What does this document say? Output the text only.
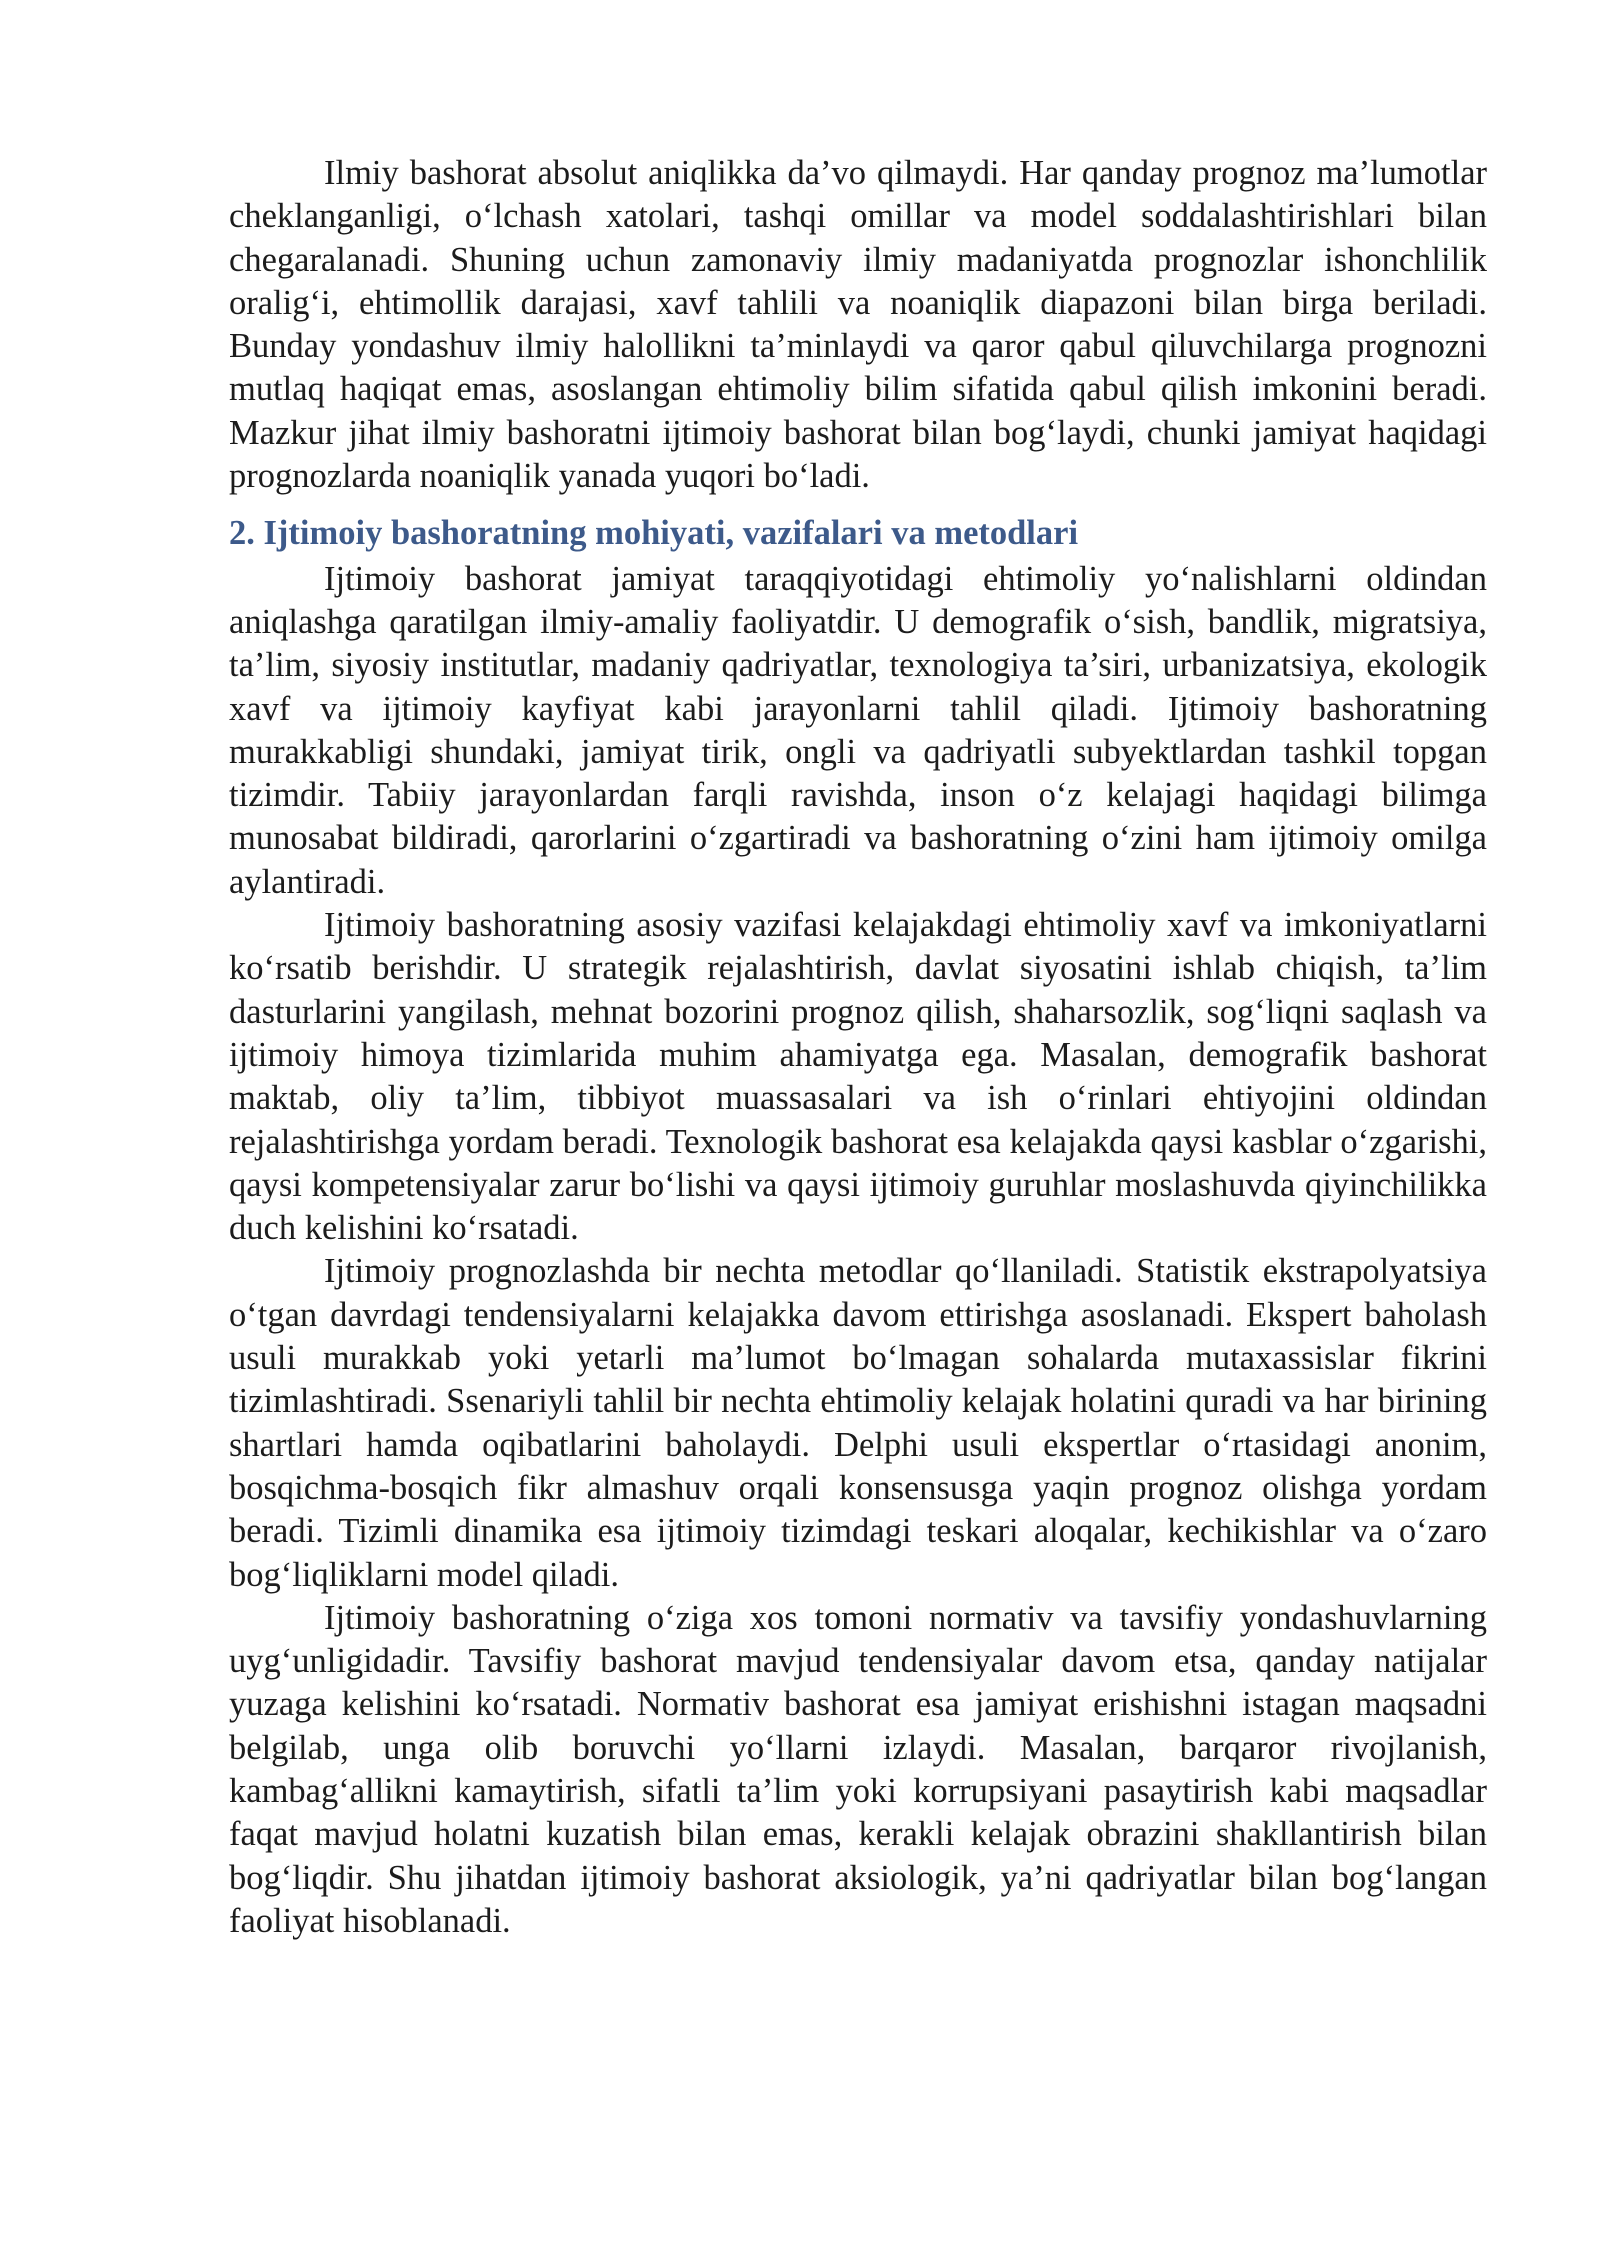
Ilmiy bashorat absolut aniqlikka da’vo qilmaydi. Har qanday prognoz ma’lumotlar cheklanganligi, o‘lchash xatolari, tashqi omillar va model soddalashtirishlari bilan chegaralanadi. Shuning uchun zamonaviy ilmiy madaniyatda prognozlar ishonchlilik oralig‘i, ehtimollik darajasi, xavf tahlili va noaniqlik diapazoni bilan birga beriladi. Bunday yondashuv ilmiy halollikni ta’minlaydi va qaror qabul qiluvchilarga prognozni mutlaq haqiqat emas, asoslangan ehtimoliy bilim sifatida qabul qilish imkonini beradi. Mazkur jihat ilmiy bashoratni ijtimoiy bashorat bilan bog‘laydi, chunki jamiyat haqidagi prognozlarda noaniqlik yanada yuqori bo‘ladi.

2. Ijtimoiy bashoratning mohiyati, vazifalari va metodlari

Ijtimoiy bashorat jamiyat taraqqiyotidagi ehtimoliy yo‘nalishlarni oldindan aniqlashga qaratilgan ilmiy-amaliy faoliyatdir. U demografik o‘sish, bandlik, migratsiya, ta’lim, siyosiy institutlar, madaniy qadriyatlar, texnologiya ta’siri, urbanizatsiya, ekologik xavf va ijtimoiy kayfiyat kabi jarayonlarni tahlil qiladi. Ijtimoiy bashoratning murakkabligi shundaki, jamiyat tirik, ongli va qadriyatli subyektlardan tashkil topgan tizimdir. Tabiiy jarayonlardan farqli ravishda, inson o‘z kelajagi haqidagi bilimga munosabat bildiradi, qarorlarini o‘zgartiradi va bashoratning o‘zini ham ijtimoiy omilga aylantiradi.

Ijtimoiy bashoratning asosiy vazifasi kelajakdagi ehtimoliy xavf va imkoniyatlarni ko‘rsatib berishdir. U strategik rejalashtirish, davlat siyosatini ishlab chiqish, ta’lim dasturlarini yangilash, mehnat bozorini prognoz qilish, shaharsozlik, sog‘liqni saqlash va ijtimoiy himoya tizimlarida muhim ahamiyatga ega. Masalan, demografik bashorat maktab, oliy ta’lim, tibbiyot muassasalari va ish o‘rinlari ehtiyojini oldindan rejalashtirishga yordam beradi. Texnologik bashorat esa kelajakda qaysi kasblar o‘zgarishi, qaysi kompetensiyalar zarur bo‘lishi va qaysi ijtimoiy guruhlar moslashuvda qiyinchilikka duch kelishini ko‘rsatadi.

Ijtimoiy prognozlashda bir nechta metodlar qo‘llaniladi. Statistik ekstrapolyatsiya o‘tgan davrdagi tendensiyalarni kelajakka davom ettirishga asoslanadi. Ekspert baholash usuli murakkab yoki yetarli ma’lumot bo‘lmagan sohalarda mutaxassislar fikrini tizimlashtiradi. Ssenariyli tahlil bir nechta ehtimoliy kelajak holatini quradi va har birining shartlari hamda oqibatlarini baholaydi. Delphi usuli ekspertlar o‘rtasidagi anonim, bosqichma-bosqich fikr almashuv orqali konsensusga yaqin prognoz olishga yordam beradi. Tizimli dinamika esa ijtimoiy tizimdagi teskari aloqalar, kechikishlar va o‘zaro bog‘liqliklarni model qiladi.

Ijtimoiy bashoratning o‘ziga xos tomoni normativ va tavsifiy yondashuvlarning uyg‘unligidadir. Tavsifiy bashorat mavjud tendensiyalar davom etsa, qanday natijalar yuzaga kelishini ko‘rsatadi. Normativ bashorat esa jamiyat erishishni istagan maqsadni belgilab, unga olib boruvchi yo‘llarni izlaydi. Masalan, barqaror rivojlanish, kambag‘allikni kamaytirish, sifatli ta’lim yoki korrupsiyani pasaytirish kabi maqsadlar faqat mavjud holatni kuzatish bilan emas, kerakli kelajak obrazini shakllantirish bilan bog‘liqdir. Shu jihatdan ijtimoiy bashorat aksiologik, ya’ni qadriyatlar bilan bog‘langan faoliyat hisoblanadi.
